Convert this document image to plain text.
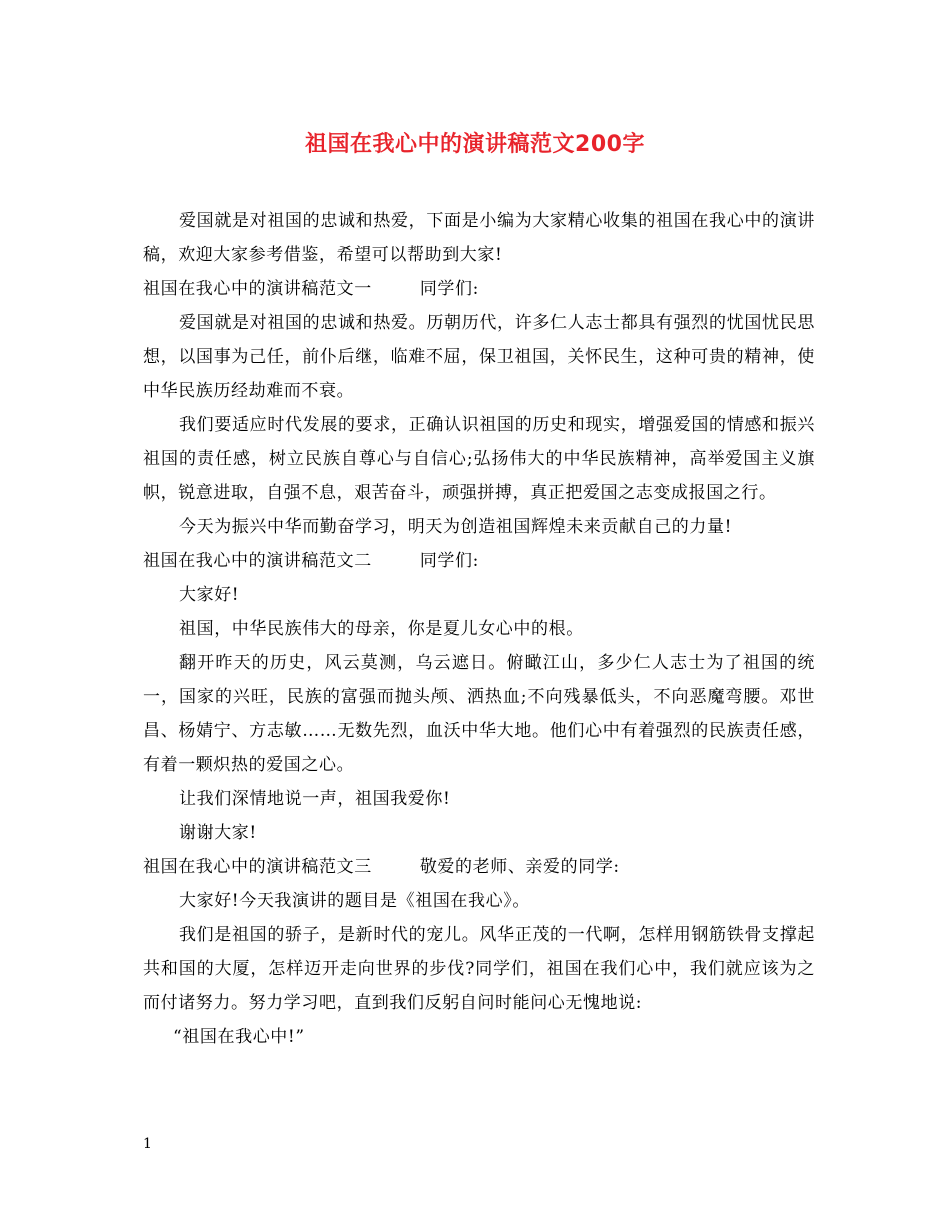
祖国在我心中的演讲稿范文200字

爱国就是对祖国的忠诚和热爱，下面是小编为大家精心收集的祖国在我心中的演讲稿，欢迎大家参考借鉴，希望可以帮助到大家!

祖国在我心中的演讲稿范文一        同学们:

爱国就是对祖国的忠诚和热爱。历朝历代，许多仁人志士都具有强烈的忧国忧民思想，以国事为己任，前仆后继，临难不屈，保卫祖国，关怀民生，这种可贵的精神，使中华民族历经劫难而不衰。

我们要适应时代发展的要求，正确认识祖国的历史和现实，增强爱国的情感和振兴祖国的责任感，树立民族自尊心与自信心;弘扬伟大的中华民族精神，高举爱国主义旗帜，锐意进取，自强不息，艰苦奋斗，顽强拼搏，真正把爱国之志变成报国之行。

今天为振兴中华而勤奋学习，明天为创造祖国辉煌未来贡献自己的力量!

祖国在我心中的演讲稿范文二        同学们:

大家好!

祖国，中华民族伟大的母亲，你是夏儿女心中的根。

翻开昨天的历史，风云莫测，乌云遮日。俯瞰江山，多少仁人志士为了祖国的统一，国家的兴旺，民族的富强而抛头颅、洒热血;不向残暴低头，不向恶魔弯腰。邓世昌、杨婧宁、方志敏……无数先烈，血沃中华大地。他们心中有着强烈的民族责任感，有着一颗炽热的爱国之心。

让我们深情地说一声，祖国我爱你!

谢谢大家!

祖国在我心中的演讲稿范文三        敬爱的老师、亲爱的同学:

大家好!今天我演讲的题目是《祖国在我心》。

我们是祖国的骄子，是新时代的宠儿。风华正茂的一代啊，怎样用钢筋铁骨支撑起共和国的大厦，怎样迈开走向世界的步伐?同学们，祖国在我们心中，我们就应该为之而付诸努力。努力学习吧，直到我们反躬自问时能问心无愧地说:

“祖国在我心中!”

1
